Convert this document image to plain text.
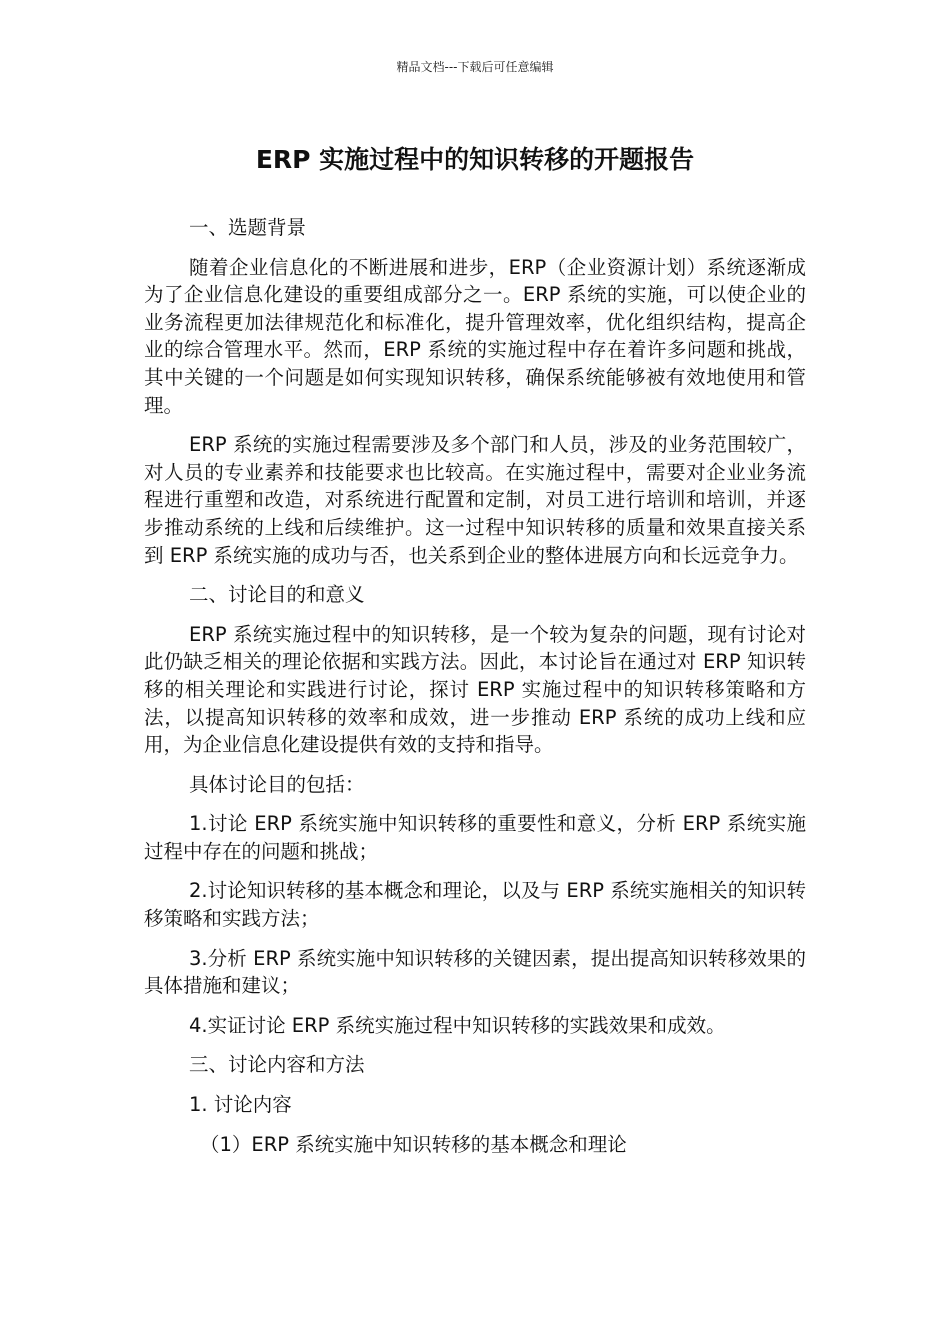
精品文档---下载后可任意编辑
ERP 实施过程中的知识转移的开题报告

一、选题背景

随着企业信息化的不断进展和进步，ERP（企业资源计划）系统逐渐成为了企业信息化建设的重要组成部分之一。ERP 系统的实施，可以使企业的业务流程更加法律规范化和标准化，提升管理效率，优化组织结构，提高企业的综合管理水平。然而，ERP 系统的实施过程中存在着许多问题和挑战，其中关键的一个问题是如何实现知识转移，确保系统能够被有效地使用和管理。

ERP 系统的实施过程需要涉及多个部门和人员，涉及的业务范围较广，对人员的专业素养和技能要求也比较高。在实施过程中，需要对企业业务流程进行重塑和改造，对系统进行配置和定制，对员工进行培训和培训，并逐步推动系统的上线和后续维护。这一过程中知识转移的质量和效果直接关系到 ERP 系统实施的成功与否，也关系到企业的整体进展方向和长远竞争力。

二、讨论目的和意义

ERP 系统实施过程中的知识转移，是一个较为复杂的问题，现有讨论对此仍缺乏相关的理论依据和实践方法。因此，本讨论旨在通过对 ERP 知识转移的相关理论和实践进行讨论，探讨 ERP 实施过程中的知识转移策略和方法，以提高知识转移的效率和成效，进一步推动 ERP 系统的成功上线和应用，为企业信息化建设提供有效的支持和指导。

具体讨论目的包括：

1.讨论 ERP 系统实施中知识转移的重要性和意义，分析 ERP 系统实施过程中存在的问题和挑战；

2.讨论知识转移的基本概念和理论，以及与 ERP 系统实施相关的知识转移策略和实践方法；

3.分析 ERP 系统实施中知识转移的关键因素，提出提高知识转移效果的具体措施和建议；

4.实证讨论 ERP 系统实施过程中知识转移的实践效果和成效。

三、讨论内容和方法

1. 讨论内容

（1）ERP 系统实施中知识转移的基本概念和理论
